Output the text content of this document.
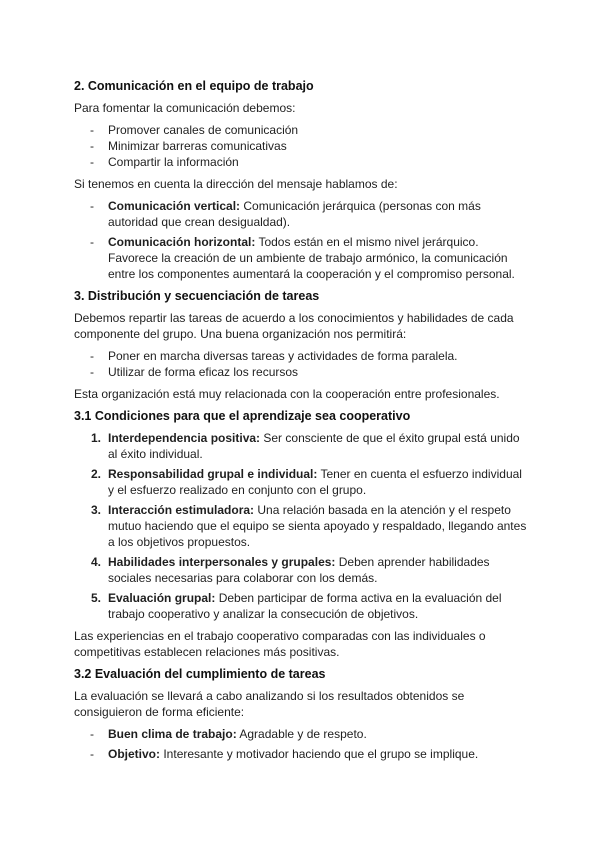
2. Comunicación en el equipo de trabajo

Para fomentar la comunicación debemos:

- Promover canales de comunicación
- Minimizar barreras comunicativas
- Compartir la información

Si tenemos en cuenta la dirección del mensaje hablamos de:

- Comunicación vertical: Comunicación jerárquica (personas con más autoridad que crean desigualdad).
- Comunicación horizontal: Todos están en el mismo nivel jerárquico. Favorece la creación de un ambiente de trabajo armónico, la comunicación entre los componentes aumentará la cooperación y el compromiso personal.
3. Distribución y secuenciación de tareas

Debemos repartir las tareas de acuerdo a los conocimientos y habilidades de cada componente del grupo. Una buena organización nos permitirá:

- Poner en marcha diversas tareas y actividades de forma paralela.
- Utilizar de forma eficaz los recursos

Esta organización está muy relacionada con la cooperación entre profesionales.

3.1 Condiciones para que el aprendizaje sea cooperativo
1. Interdependencia positiva: Ser consciente de que el éxito grupal está unido al éxito individual.
2. Responsabilidad grupal e individual: Tener en cuenta el esfuerzo individual y el esfuerzo realizado en conjunto con el grupo.
3. Interacción estimuladora: Una relación basada en la atención y el respeto mutuo haciendo que el equipo se sienta apoyado y respaldado, llegando antes a los objetivos propuestos.
4. Habilidades interpersonales y grupales: Deben aprender habilidades sociales necesarias para colaborar con los demás.
5. Evaluación grupal: Deben participar de forma activa en la evaluación del trabajo cooperativo y analizar la consecución de objetivos.

Las experiencias en el trabajo cooperativo comparadas con las individuales o competitivas establecen relaciones más positivas.

3.2 Evaluación del cumplimiento de tareas

La evaluación se llevará a cabo analizando si los resultados obtenidos se consiguieron de forma eficiente:

- Buen clima de trabajo: Agradable y de respeto.
- Objetivo: Interesante y motivador haciendo que el grupo se implique.
